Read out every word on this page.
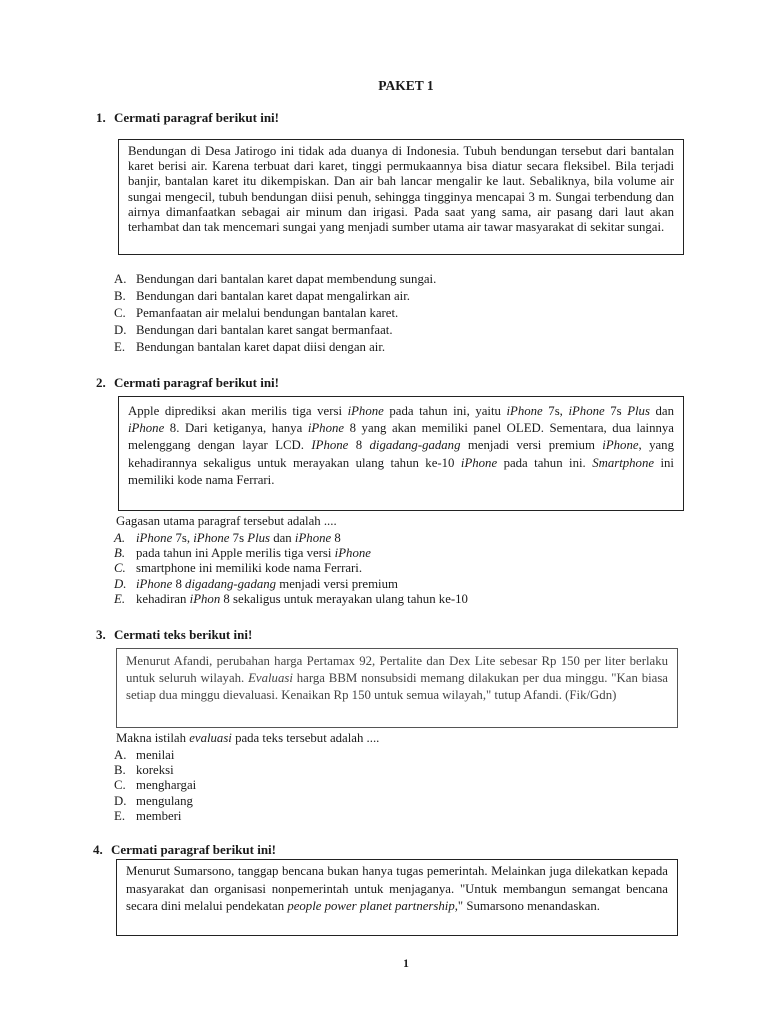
PAKET 1
1. Cermati paragraf berikut ini!
Bendungan di Desa Jatirogo ini tidak ada duanya di Indonesia. Tubuh bendungan tersebut dari bantalan karet berisi air. Karena terbuat dari karet, tinggi permukaannya bisa diatur secara fleksibel. Bila terjadi banjir, bantalan karet itu dikempiskan. Dan air bah lancar mengalir ke laut. Sebaliknya, bila volume air sungai mengecil, tubuh bendungan diisi penuh, sehingga tingginya mencapai 3 m. Sungai terbendung dan airnya dimanfaatkan sebagai air minum dan irigasi. Pada saat yang sama, air pasang dari laut akan terhambat dan tak mencemari sungai yang menjadi sumber utama air tawar masyarakat di sekitar sungai.
A. Bendungan dari bantalan karet dapat membendung sungai.
B. Bendungan dari bantalan karet dapat mengalirkan air.
C. Pemanfaatan air melalui bendungan bantalan karet.
D. Bendungan dari bantalan karet sangat bermanfaat.
E. Bendungan bantalan karet dapat diisi dengan air.
2. Cermati paragraf berikut ini!
Apple diprediksi akan merilis tiga versi iPhone pada tahun ini, yaitu iPhone 7s, iPhone 7s Plus dan iPhone 8. Dari ketiganya, hanya iPhone 8 yang akan memiliki panel OLED. Sementara, dua lainnya melenggang dengan layar LCD. IPhone 8 digadang-gadang menjadi versi premium iPhone, yang kehadirannya sekaligus untuk merayakan ulang tahun ke-10 iPhone pada tahun ini. Smartphone ini memiliki kode nama Ferrari.
Gagasan utama paragraf tersebut adalah ....
A. iPhone 7s, iPhone 7s Plus dan iPhone 8
B. pada tahun ini Apple merilis tiga versi iPhone
C. smartphone ini memiliki kode nama Ferrari.
D. iPhone 8 digadang-gadang menjadi versi premium
E. kehadiran iPhon 8 sekaligus untuk merayakan ulang tahun ke-10
3. Cermati teks berikut ini!
Menurut Afandi, perubahan harga Pertamax 92, Pertalite dan Dex Lite sebesar Rp 150 per liter berlaku untuk seluruh wilayah. Evaluasi harga BBM nonsubsidi memang dilakukan per dua minggu. "Kan biasa setiap dua minggu dievaluasi. Kenaikan Rp 150 untuk semua wilayah," tutup Afandi. (Fik/Gdn)
Makna istilah evaluasi pada teks tersebut adalah ....
A. menilai
B. koreksi
C. menghargai
D. mengulang
E. memberi
4. Cermati paragraf berikut ini!
Menurut Sumarsono, tanggap bencana bukan hanya tugas pemerintah. Melainkan juga dilekatkan kepada masyarakat dan organisasi nonpemerintah untuk menjaganya. "Untuk membangun semangat bencana secara dini melalui pendekatan people power planet partnership," Sumarsono menandaskan.
1
